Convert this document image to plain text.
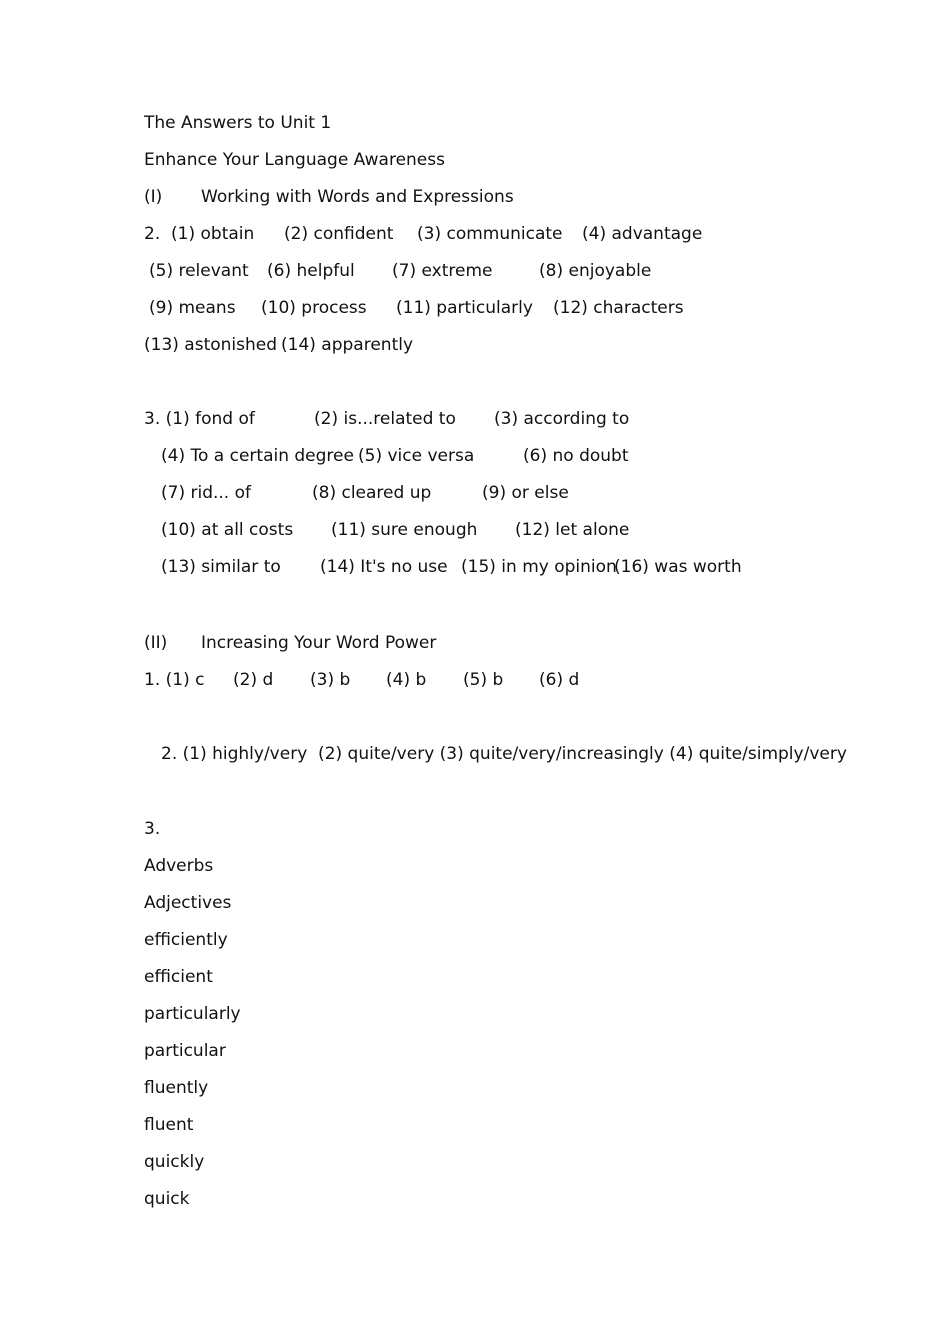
The Answers to Unit 1
Enhance Your Language Awareness

(I)

Working with Words and Expressions

2.  (1) obtain

(2) confident

(3) communicate

(4) advantage

(5) relevant

(6) helpful

(7) extreme

	(8) enjoyable

(9) means

(10) process

(11) particularly

(12) characters

(13) astonished

(14) apparently

3. (1) fond of

	(2) is...related to

(3) according to

(4) To a certain degree

(5) vice versa

	(6) no doubt

(7) rid... of

	(8) cleared up

	(9) or else

(10) at all costs

(11) sure enough

(12) let alone

(13) similar to

(14) It's no use

(15) in my opinion

(16) was worth

(II)

Increasing Your Word Power

1. (1) c

(2) d

(3) b

(4) b

(5) b

(6) d

2. (1) highly/very  (2) quite/very (3) quite/very/increasingly (4) quite/simply/very
3.
Adverbs
Adjectives
efficiently
efficient
particularly
particular
fluently
fluent
quickly
quick
